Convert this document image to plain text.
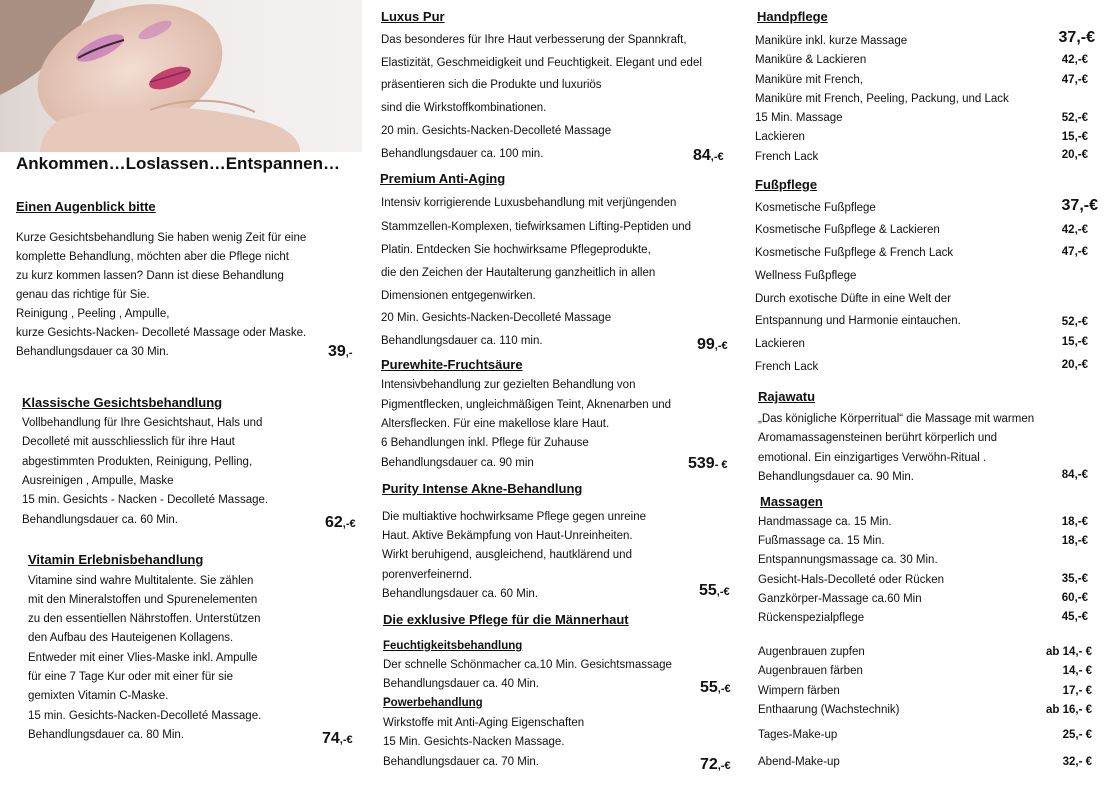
Ankommen…Loslassen…Entspannen…
Einen Augenblick bitte
Kurze Gesichtsbehandlung Sie haben wenig Zeit für eine
komplette Behandlung, möchten aber die Pflege nicht
zu kurz kommen lassen? Dann ist diese Behandlung
genau das richtige für Sie.
Reinigung , Peeling , Ampulle,
kurze Gesichts-Nacken- Decolleté Massage oder Maske.
Behandlungsdauer ca 30 Min.	39,-
Klassische Gesichtsbehandlung
Vollbehandlung für Ihre Gesichtshaut, Hals und
Decolleté mit ausschliesslich für ihre Haut
abgestimmten Produkten, Reinigung, Pelling,
Ausreinigen , Ampulle, Maske
15 min. Gesichts - Nacken - Decolleté Massage.
Behandlungsdauer ca. 60 Min.	62,-€
Vitamin Erlebnisbehandlung
Vitamine sind wahre Multitalente. Sie zählen
mit den Mineralstoffen und Spurenelementen
zu den essentiellen Nährstoffen. Unterstützen
den Aufbau des Hauteigenen Kollagens.
Entweder mit einer Vlies-Maske inkl. Ampulle
für eine 7 Tage Kur oder mit einer für sie
gemixten Vitamin C-Maske.
15 min. Gesichts-Nacken-Decolleté Massage.
Behandlungsdauer ca. 80 Min.	74,-€
Luxus Pur
Das besonderes für Ihre Haut verbesserung der Spannkraft,
Elastizität, Geschmeidigkeit und Feuchtigkeit. Elegant und edel
präsentieren sich die Produkte und luxuriös
sind die Wirkstoffkombinationen.
20 min. Gesichts-Nacken-Decolleté Massage
Behandlungsdauer ca. 100 min.	84,-€
Premium Anti-Aging
Intensiv korrigierende Luxusbehandlung mit verjüngenden
Stammzellen-Komplexen, tiefwirksamen Lifting-Peptiden und
Platin. Entdecken Sie hochwirksame Pflegeprodukte,
die den Zeichen der Hautalterung ganzheitlich in allen
Dimensionen entgegenwirken.
20 Min. Gesichts-Nacken-Decolleté Massage
Behandlungsdauer ca. 110 min.	99,-€
Purewhite-Fruchtsäure
Intensivbehandlung zur gezielten Behandlung von
Pigmentflecken, ungleichmäßigen Teint, Aknenarben und
Altersflecken. Für eine makellose klare Haut.
6 Behandlungen inkl. Pflege für Zuhause
Behandlungsdauer ca. 90 min	539- €
Purity Intense Akne-Behandlung
Die multiaktive hochwirksame Pflege gegen unreine
Haut. Aktive Bekämpfung von Haut-Unreinheiten.
Wirkt beruhigend, ausgleichend, hautklärend und
porenverfeinernd.
Behandlungsdauer ca. 60 Min.	55,-€
Die exklusive Pflege für die Männerhaut
Feuchtigkeitsbehandlung
Der schnelle Schönmacher ca.10 Min. Gesichtsmassage
Behandlungsdauer ca. 40 Min.	55,-€
Powerbehandlung
Wirkstoffe mit Anti-Aging Eigenschaften
15 Min. Gesichts-Nacken Massage.
Behandlungsdauer ca. 70 Min.	72,-€
Handpflege
Maniküre inkl. kurze Massage	37,-€
Maniküre & Lackieren	42,-€
Maniküre mit French,	47,-€
Maniküre mit French, Peeling, Packung, und Lack
15 Min. Massage	52,-€
Lackieren	15,-€
French Lack	20,-€
Fußpflege
Kosmetische Fußpflege	37,-€
Kosmetische Fußpflege & Lackieren	42,-€
Kosmetische Fußpflege & French Lack	47,-€
Wellness Fußpflege
Durch exotische Düfte in eine Welt der
Entspannung und Harmonie eintauchen.	52,-€
Lackieren	15,-€
French Lack	20,-€
Rajawatu
„Das königliche Körperritual“ die Massage mit warmen
Aromamassagensteinen berührt körperlich und
emotional. Ein einzigartiges Verwöhn-Ritual .
Behandlungsdauer ca. 90 Min.	84,-€
Massagen
Handmassage ca. 15 Min.	18,-€
Fußmassage ca. 15 Min.	18,-€
Entspannungsmassage ca. 30 Min.
Gesicht-Hals-Decolleté oder Rücken	35,-€
Ganzkörper-Massage ca.60 Min	60,-€
Rückenspezialpflege	45,-€
Augenbrauen zupfen	ab 14,- €
Augenbrauen färben	14,- €
Wimpern färben	17,- €
Enthaarung (Wachstechnik)	ab 16,- €
Tages-Make-up	25,- €
Abend-Make-up	32,- €
